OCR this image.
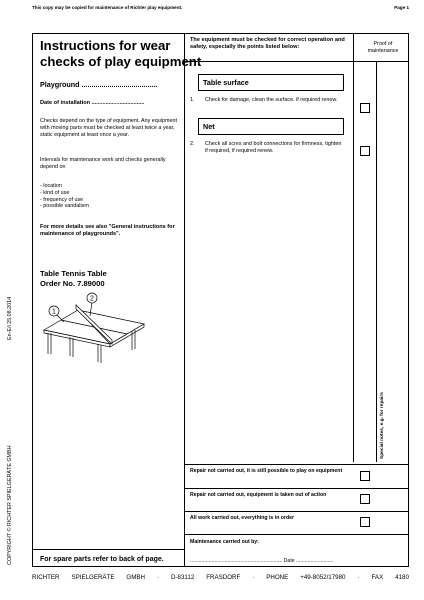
This copy may be copied for maintenance of Richter play equipment.	Page 1
En-E/i 25.08.2014
COPYRIGHT © RICHTER SPIELGERÄTE GMBH
Instructions for wear
checks of play equipment
Playground ......................................
Date of installation ..................................
Checks depend on the type of equipment. Any equipment with moving parts must be checked at least twice a year, static equipment at least once a year.
Intervals for maintenance work and checks generally depend on
- location
- kind of use
- frequency of use
- possible vandalism
For more details see also "General instructions for maintenance of playgrounds".
Table Tennis Table
Order No. 7.89000
1
2
For spare parts refer to back of page.
The equipment must be checked for correct operation and safety, especially the points listed below:	Proof of maintenance
Table surface
1. Check for damage, clean the surface. if required renew.
Net
2. Check all scres and bolt connections for firmness, tighten if required, if required renew.
Special notes, e.g. for repairs
Repair not carried out, it is still possible to play on equipment
Repair not carried out, equipment is taken out of action
All work carried out, everything is in order
Maintenance carried out by:
................................................................ Date ..........................
RICHTER SPIELGERÄTE GMBH · D-83112 FRASDORF · PHONE +49-8052/17980 · FAX 4180
